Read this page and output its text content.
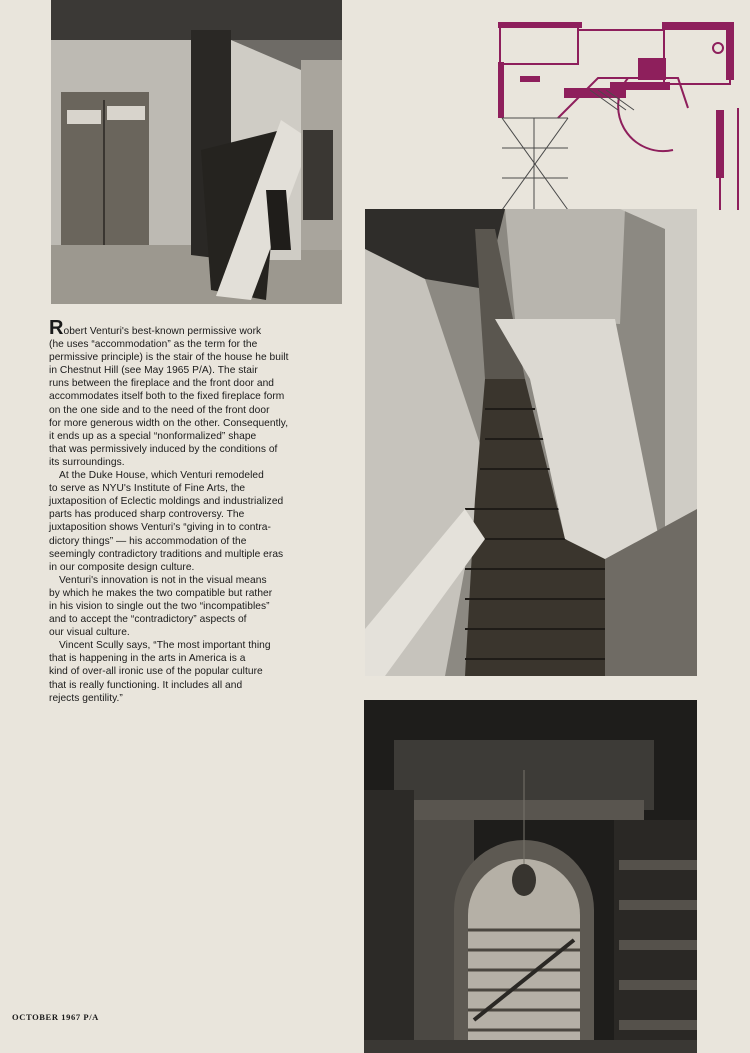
Robert Venturi's best-known permissive work
(he uses “accommodation” as the term for the
permissive principle) is the stair of the house he built
in Chestnut Hill (see May 1965 P/A). The stair
runs between the fireplace and the front door and
accommodates itself both to the fixed fireplace form
on the one side and to the need of the front door
for more generous width on the other. Consequently,
it ends up as a special “nonformalized” shape
that was permissively induced by the conditions of
its surroundings.

At the Duke House, which Venturi remodeled
to serve as NYU's Institute of Fine Arts, the
juxtaposition of Eclectic moldings and industrialized
parts has produced sharp controversy. The
juxtaposition shows Venturi's “giving in to contra-
dictory things” — his accommodation of the
seemingly contradictory traditions and multiple eras
in our composite design culture.

Venturi's innovation is not in the visual means
by which he makes the two compatible but rather
in his vision to single out the two “incompatibles”
and to accept the “contradictory” aspects of
our visual culture.

Vincent Scully says, “The most important thing
that is happening in the arts in America is a
kind of over-all ironic use of the popular culture
that is really functioning. It includes all and
rejects gentility.”

OCTOBER 1967 P/A
